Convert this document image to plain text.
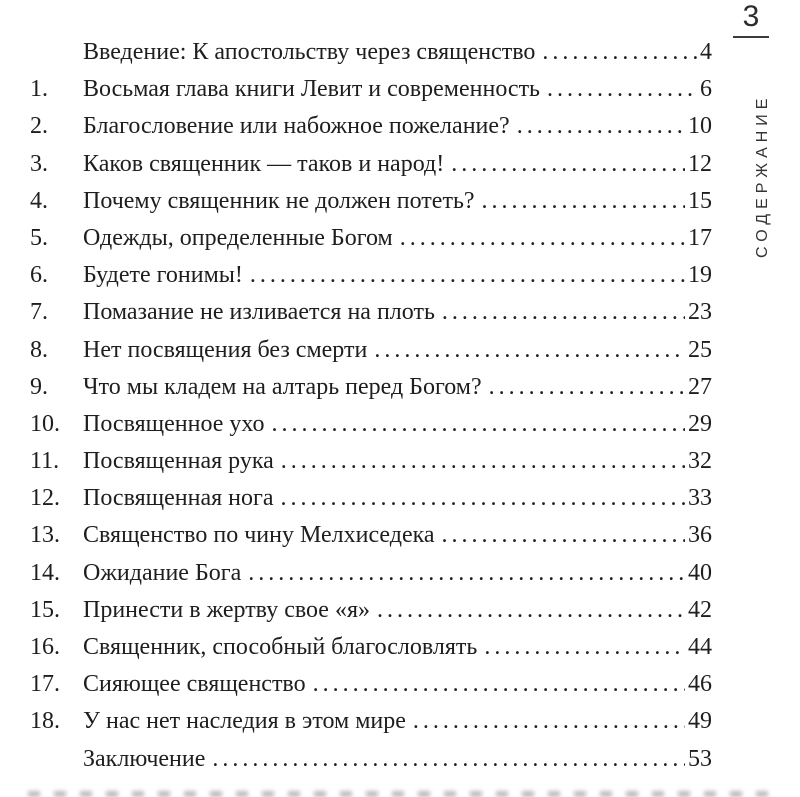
3
СОДЕРЖАНИЕ
Введение: К апостольству через священство .....	4
1.	Восьмая глава книги Левит и современность .....	6
2.	Благословение или набожное пожелание? .....	10
3.	Каков священник — таков и народ! .....	12
4.	Почему священник не должен потеть? .....	15
5.	Одежды, определенные Богом .....	17
6.	Будете гонимы! .....	19
7.	Помазание не изливается на плоть .....	23
8.	Нет посвящения без смерти .....	25
9.	Что мы кладем на алтарь перед Богом? .....	27
10. Посвященное ухо .....	29
11. Посвященная рука .....	32
12. Посвященная нога .....	33
13. Священство по чину Мелхиседека .....	36
14. Ожидание Бога .....	40
15. Принести в жертву свое «я» .....	42
16. Священник, способный благословлять .....	44
17. Сияющее священство .....	46
18. У нас нет наследия в этом мире .....	49
Заключение .....	53
